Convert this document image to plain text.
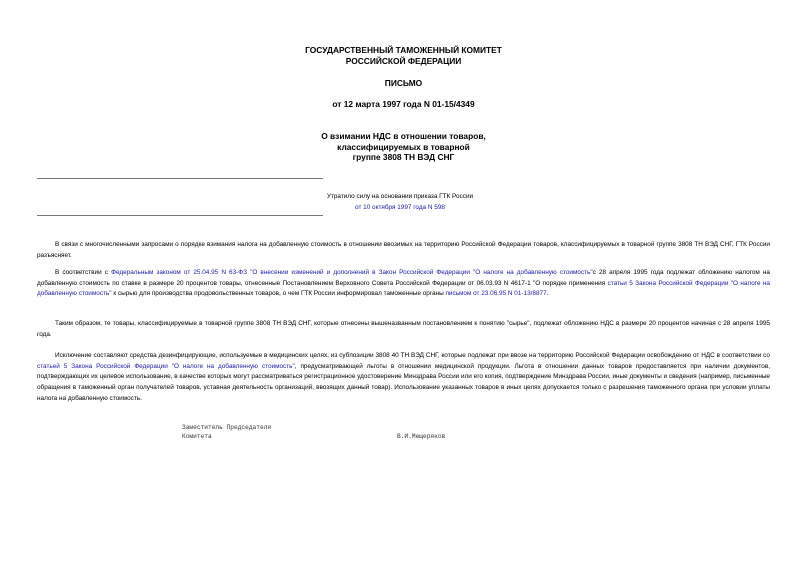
ГОСУДАРСТВЕННЫЙ ТАМОЖЕННЫЙ КОМИТЕТ
РОССИЙСКОЙ ФЕДЕРАЦИИ
ПИСЬМО
от 12 марта 1997 года N 01-15/4349
О взимании НДС в отношении товаров,
классифицируемых в товарной
группе 3808 ТН ВЭД СНГ
Утратило силу на основании приказа ГТК России
от 10 октября 1997 года N 598

В связи с многочисленными запросами о порядке взимания налога на добавленную стоимость в отношении ввозимых на территорию Российской Федерации товаров, классифицируемых в товарной группе 3808 ТН ВЭД СНГ, ГТК России разъясняет.

В соответствии с Федеральным законом от 25.04.95 N 63-ФЗ "О внесении изменений и дополнений в Закон Российской Федерации "О налоге на добавленную стоимость"с 28 апреля 1995 года подлежат обложению налогом на добавленную стоимость по ставке в размере 20 процентов товары, отнесенные Постановлением Верховного Совета Российской Федерации от 06.03.93 N 4617-1 "О порядке применения статьи 5 Закона Российской Федерации "О налоге на добавленную стоимость" к сырью для производства продовольственных товаров, о чем ГТК России информировал таможенные органы письмом от 23.06.95 N 01-13/8877.

Таким образом, те товары, классифицируемые в товарной группе 3808 ТН ВЭД СНГ, которые отнесены вышеназванным постановлением к понятию "сырье", подлежат обложению НДС в размере 20 процентов начиная с 28 апреля 1995 года.

Исключение составляют средства дезинфицирующие, используемые в медицинских целях, из субпозиции 3808 40 ТН ВЭД СНГ, которые подлежат при ввозе на территорию Российской Федерации освобождению от НДС в соответствии со статьей 5 Закона Российской Федерации "О налоге на добавленную стоимость", предусматривающей льготы в отношении медицинской продукции. Льгота в отношении данных товаров предоставляется при наличии документов, подтверждающих их целевое использование, в качестве которых могут рассматриваться регистрационное удостоверение Минздрава России или его копия, подтверждение Минздрава России, иные документы и сведения (например, письменные обращения в таможенный орган получателей товаров, уставная деятельность организаций, ввозящих данный товар). Использование указанных товаров в иных целях допускается только с разрешения таможенного органа при условии уплаты налога на добавленную стоимость.

Заместитель Председателя
Комитета	В.И.Мещеряков
